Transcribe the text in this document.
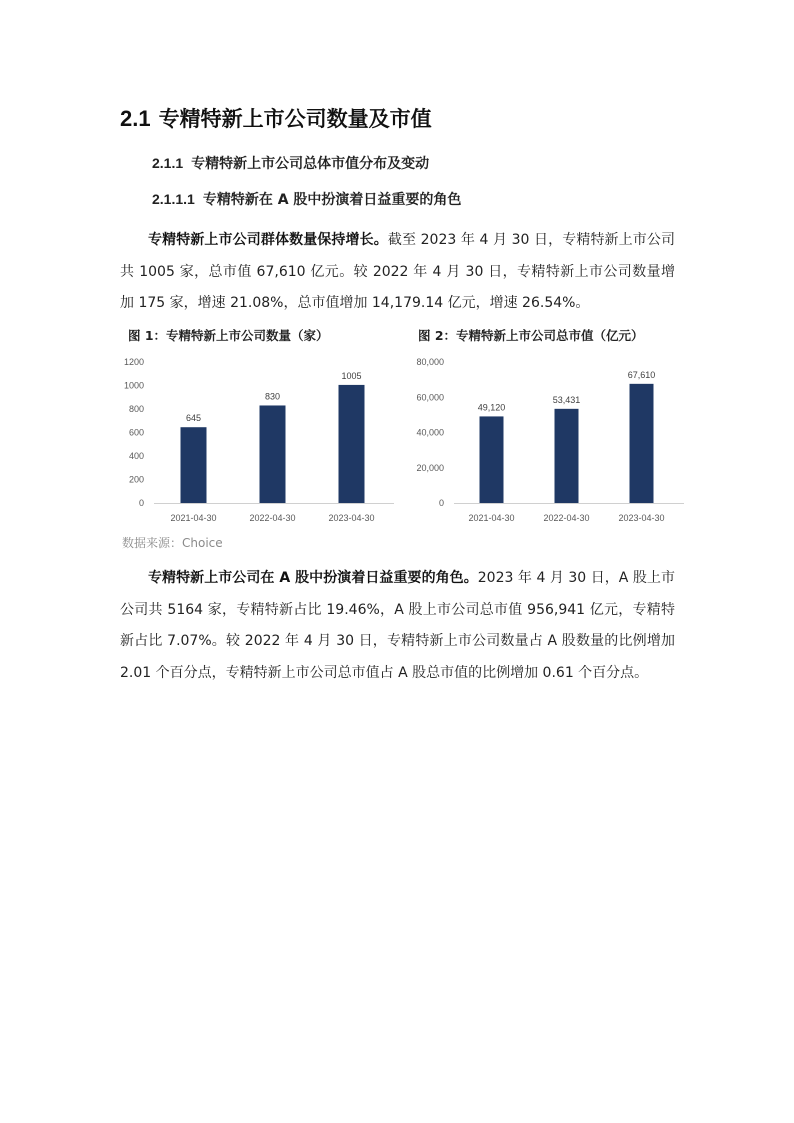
2.1 专精特新上市公司数量及市值
2.1.1 专精特新上市公司总体市值分布及变动
2.1.1.1 专精特新在 A 股中扮演着日益重要的角色
专精特新上市公司群体数量保持增长。截至 2023 年 4 月 30 日，专精特新上市公司共 1005 家，总市值 67,610 亿元。较 2022 年 4 月 30 日，专精特新上市公司数量增加 175 家，增速 21.08%，总市值增加 14,179.14 亿元，增速 26.54%。
图 1：专精特新上市公司数量（家）	图 2：专精特新上市公司总市值（亿元）
0
200
400
600
800
1000
1200
645
2021-04-30
830
2022-04-30
1005
2023-04-30
0
20,000
40,000
60,000
80,000
49,120
2021-04-30
53,431
2022-04-30
67,610
2023-04-30
数据来源：Choice
专精特新上市公司在 A 股中扮演着日益重要的角色。2023 年 4 月 30 日，A 股上市公司共 5164 家，专精特新占比 19.46%，A 股上市公司总市值 956,941 亿元，专精特新占比 7.07%。较 2022 年 4 月 30 日，专精特新上市公司数量占 A 股数量的比例增加 2.01 个百分点，专精特新上市公司总市值占 A 股总市值的比例增加 0.61 个百分点。
